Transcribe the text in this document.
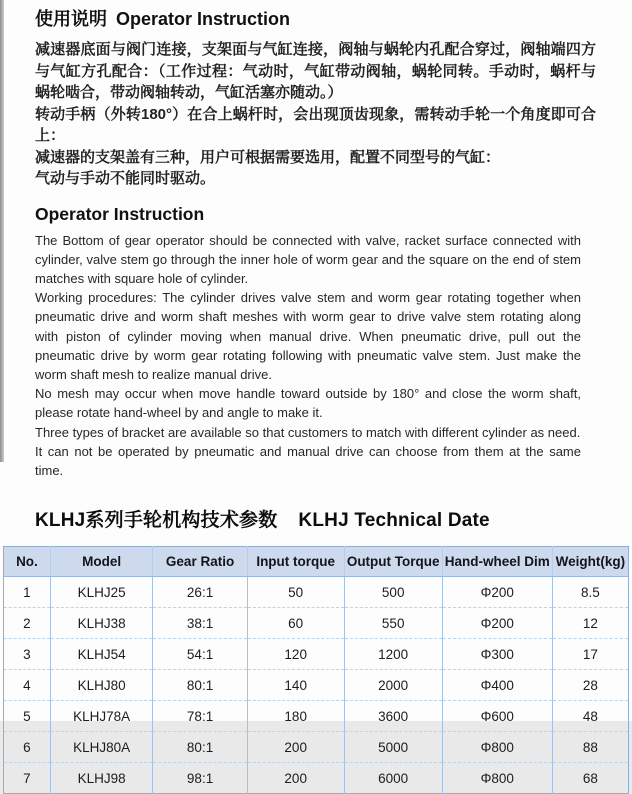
使用说明 Operator Instruction

减速器底面与阀门连接，支架面与气缸连接，阀轴与蜗轮内孔配合穿过，阀轴端四方与气缸方孔配合：（工作过程：气动时，气缸带动阀轴，蜗轮同转。手动时，蜗杆与蜗轮啮合，带动阀轴转动，气缸活塞亦随动。）

转动手柄（外转180°）在合上蜗杆时，会出现顶齿现象，需转动手轮一个角度即可合上：

减速器的支架盖有三种，用户可根据需要选用，配置不同型号的气缸：

气动与手动不能同时驱动。

Operator Instruction

The Bottom of gear operator should be connected with valve, racket surface connected with cylinder, valve stem go through the inner hole of worm gear and the square on the end of stem matches with square hole of cylinder.

Working procedures: The cylinder drives valve stem and worm gear rotating together when pneumatic drive and worm shaft meshes with worm gear to drive valve stem rotating along with piston of cylinder moving when manual drive. When pneumatic drive, pull out the pneumatic drive by worm gear rotating following with pneumatic valve stem. Just make the worm shaft mesh to realize manual drive.

No mesh may occur when move handle toward outside by 180° and close the worm shaft, please rotate hand-wheel by and angle to make it.

Three types of bracket are available so that customers to match with different cylinder as need.

It can not be operated by pneumatic and manual drive can choose from them at the same time.

KLHJ系列手轮机构技术参数 KLHJ Technical Date
No.	Model	Gear Ratio	Input torque	Output Torque	Hand-wheel Dim	Weight(kg)
1	KLHJ25	26:1	50	500	Φ200	8.5
2	KLHJ38	38:1	60	550	Φ200	12
3	KLHJ54	54:1	120	1200	Φ300	17
4	KLHJ80	80:1	140	2000	Φ400	28
5	KLHJ78A	78:1	180	3600	Φ600	48
6	KLHJ80A	80:1	200	5000	Φ800	88
7	KLHJ98	98:1	200	6000	Φ800	68
